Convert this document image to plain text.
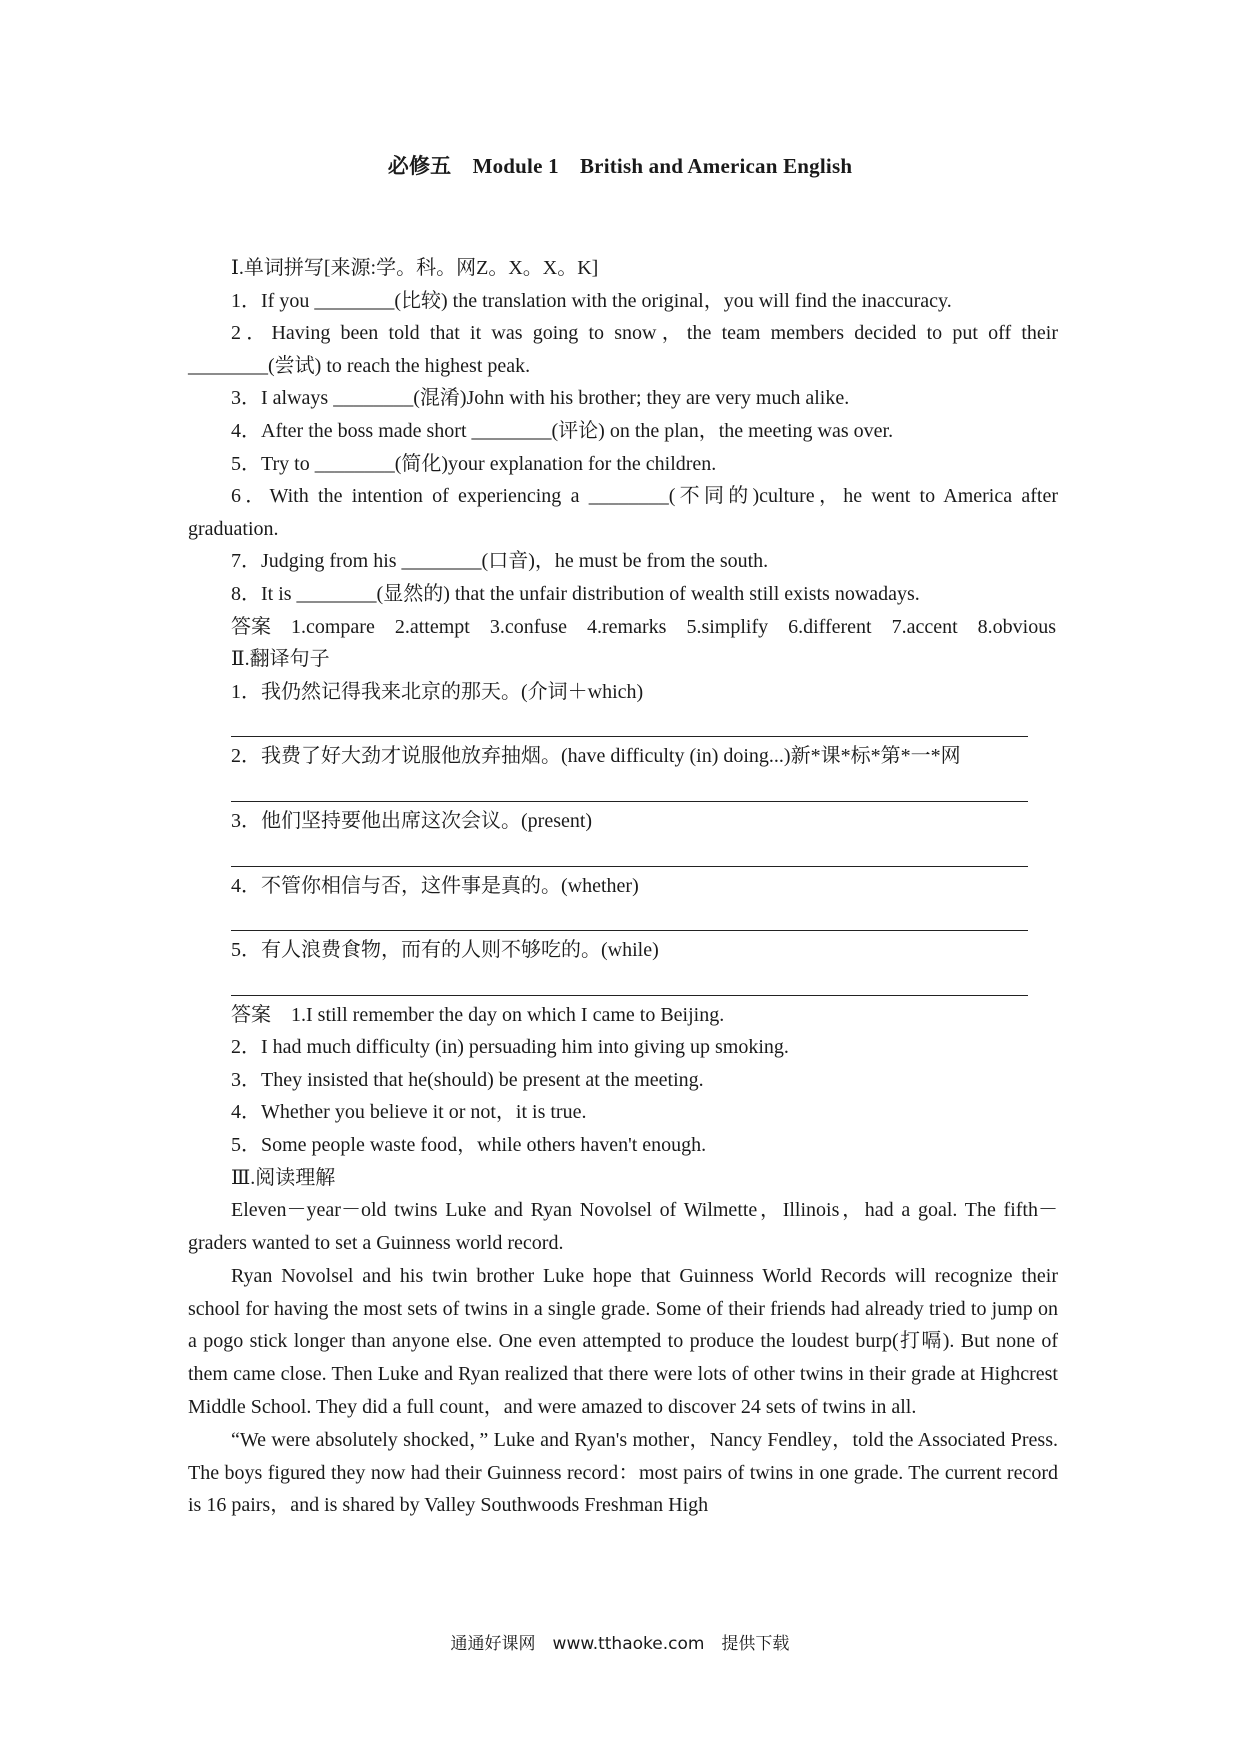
必修五　Module 1　British and American English

Ⅰ.单词拼写[来源:学。科。网Z。X。X。K]

1．If you ________(比较) the translation with the original，you will find the inaccuracy.

2．Having been told that it was going to snow，the team members decided to put off their ________(尝试) to reach the highest peak.

3．I always ________(混淆)John with his brother; they are very much alike.

4．After the boss made short ________(评论) on the plan，the meeting was over.

5．Try to ________(简化)your explanation for the children.

6．With the intention of experiencing a ________(不同的)culture，he went to America after graduation.

7．Judging from his ________(口音)，he must be from the south.

8．It is ________(显然的) that the unfair distribution of wealth still exists nowadays.

答案　1.compare　2.attempt　3.confuse　4.remarks　5.simplify　6.different　7.accent　8.obvious

Ⅱ.翻译句子

1．我仍然记得我来北京的那天。(介词＋which)

2．我费了好大劲才说服他放弃抽烟。(have difficulty (in) doing...)新*课*标*第*一*网

3．他们坚持要他出席这次会议。(present)

4．不管你相信与否，这件事是真的。(whether)

5．有人浪费食物，而有的人则不够吃的。(while)

答案　1.I still remember the day on which I came to Beijing.

2．I had much difficulty (in) persuading him into giving up smoking.

3．They insisted that he(should) be present at the meeting.

4．Whether you believe it or not，it is true.

5．Some people waste food，while others haven't enough.

Ⅲ.阅读理解

Eleven－year－old twins Luke and Ryan Novolsel of Wilmette，Illinois，had a goal. The fifth－graders wanted to set a Guinness world record.

Ryan Novolsel and his twin brother Luke hope that Guinness World Records will recognize their school for having the most sets of twins in a single grade. Some of their friends had already tried to jump on a pogo stick longer than anyone else. One even attempted to produce the loudest burp(打嗝). But none of them came close. Then Luke and Ryan realized that there were lots of other twins in their grade at Highcrest Middle School. They did a full count，and were amazed to discover 24 sets of twins in all.

“We were absolutely shocked，” Luke and Ryan's mother，Nancy Fendley，told the Associated Press. The boys figured they now had their Guinness record：most pairs of twins in one grade. The current record is 16 pairs，and is shared by Valley Southwoods Freshman High

通通好课网　www.tthaoke.com　提供下载
